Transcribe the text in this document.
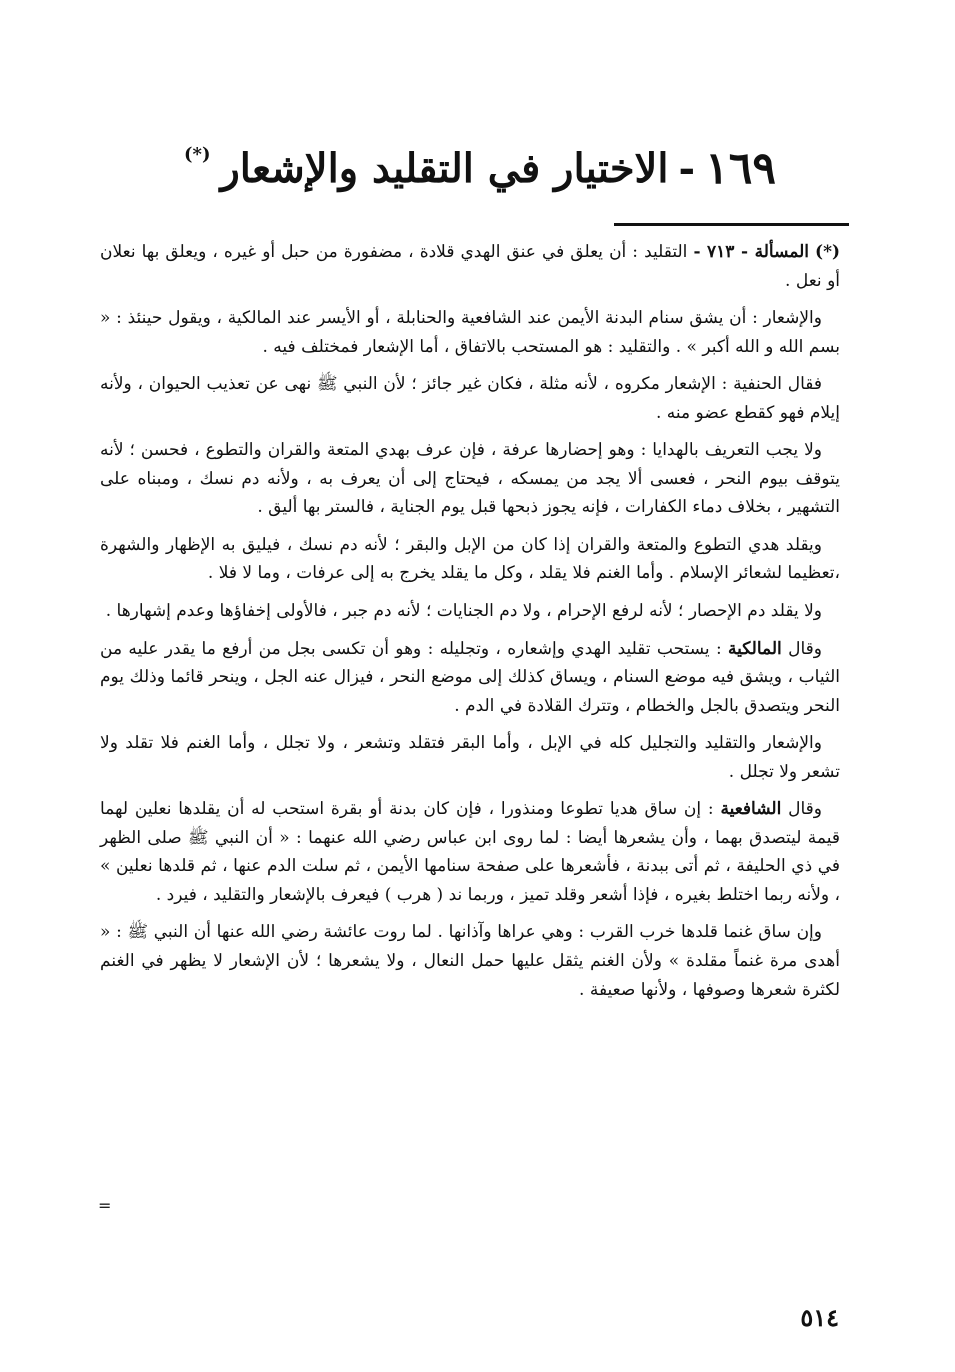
١٦٩
-
الاختيار في التقليد والإشعار
(*)

(*) المسألة - ٧١٣ - التقليد : أن يعلق في عنق الهدي قلادة ، مضفورة من حبل أو غيره ، ويعلق بها نعلان أو نعل .

والإشعار : أن يشق سنام البدنة الأيمن عند الشافعية والحنابلة ، أو الأيسر عند المالكية ، ويقول حينئذ : « بسم الله و الله أكبر » . والتقليد : هو المستحب بالاتفاق ، أما الإشعار فمختلف فيه .

فقال الحنفية : الإشعار مكروه ، لأنه مثلة ، فكان غير جائز ؛ لأن النبي ﷺ نهى عن تعذيب الحيوان ، ولأنه إيلام فهو كقطع عضو منه .

ولا يجب التعريف بالهدايا : وهو إحضارها عرفة ، فإن عرف بهدي المتعة والقران والتطوع ، فحسن ؛ لأنه يتوقف بيوم النحر ، فعسى ألا يجد من يمسكه ، فيحتاج إلى أن يعرف به ، ولأنه دم نسك ، ومبناه على التشهير ، بخلاف دماء الكفارات ، فإنه يجوز ذبحها قبل يوم الجناية ، فالستر بها أليق .

ويقلد هدي التطوع والمتعة والقران إذا كان من الإبل والبقر ؛ لأنه دم نسك ، فيليق به الإظهار والشهرة ،تعظيما لشعائر الإسلام . وأما الغنم فلا يقلد ، وكل ما يقلد يخرج به إلى عرفات ، وما لا فلا .

ولا يقلد دم الإحصار ؛ لأنه لرفع الإحرام ، ولا دم الجنايات ؛ لأنه دم جبر ، فالأولى إخفاؤها وعدم إشهارها .

وقال المالكية : يستحب تقليد الهدي وإشعاره ، وتجليله : وهو أن تكسى بجل من أرفع ما يقدر عليه من الثياب ، ويشق فيه موضع السنام ، ويساق كذلك إلى موضع النحر ، فيزال عنه الجل ، وينحر قائما وذلك يوم النحر ويتصدق بالجل والخطام ، وتترك القلادة في الدم .

والإشعار والتقليد والتجليل كله في الإبل ، وأما البقر فتقلد وتشعر ، ولا تجلل ، وأما الغنم فلا تقلد ولا تشعر ولا تجلل .

وقال الشافعية : إن ساق هديا تطوعا ومنذورا ، فإن كان بدنة أو بقرة استحب له أن يقلدها نعلين لهما قيمة ليتصدق بهما ، وأن يشعرها أيضا : لما روى ابن عباس رضي الله عنهما : « أن النبي ﷺ صلى الظهر في ذي الحليفة ، ثم أتى ببدنة ، فأشعرها على صفحة سنامها الأيمن ، ثم سلت الدم عنها ، ثم قلدها نعلين » ، ولأنه ربما اختلط بغيره ، فإذا أشعر وقلد تميز ، وربما ند ( هرب ) فيعرف بالإشعار والتقليد ، فيرد .

وإن ساق غنما قلدها خرب القرب : وهي عراها وآذانها . لما روت عائشة رضي الله عنها أن النبي ﷺ : « أهدى مرة غنماً مقلدة » ولأن الغنم يثقل عليها حمل النعال ، ولا يشعرها ؛ لأن الإشعار لا يظهر في الغنم لكثرة شعرها وصوفها ، ولأنها صعيفة .

=
٥١٤
